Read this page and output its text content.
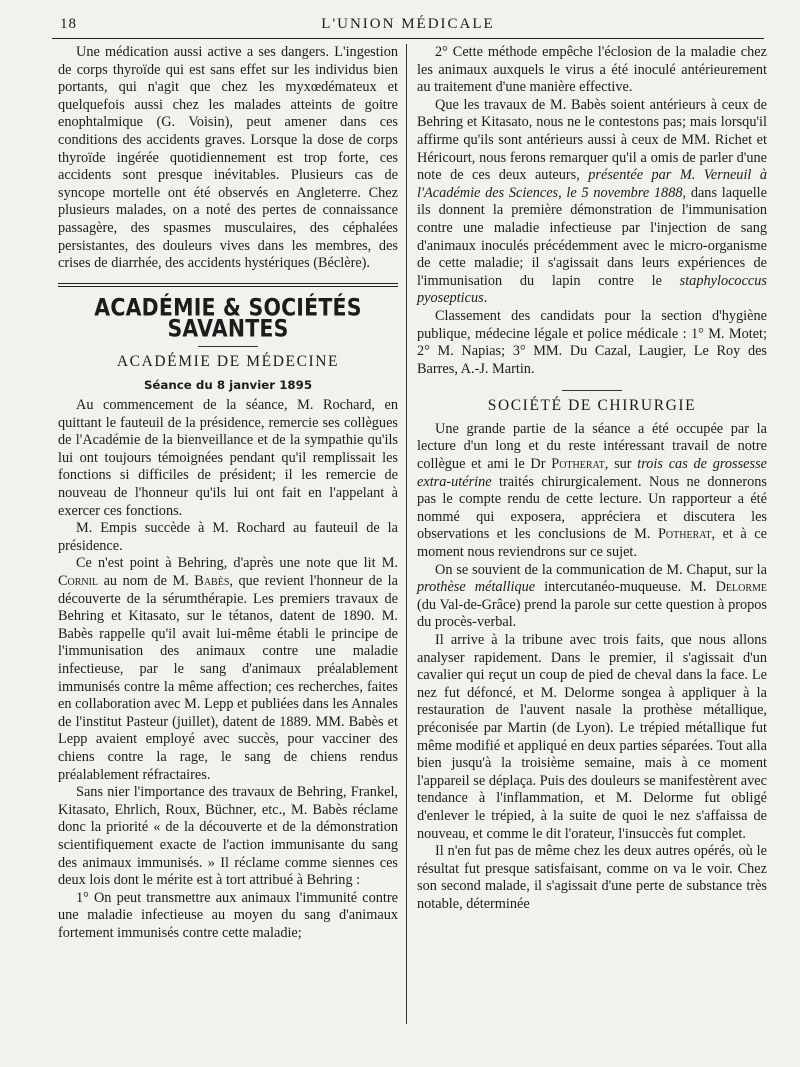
18	L'UNION MÉDICALE

Une médication aussi active a ses dangers. L'ingestion de corps thyroïde qui est sans effet sur les individus bien portants, qui n'agit que chez les myxœdémateux et quelquefois aussi chez les malades atteints de goitre enophtalmique (G. Voisin), peut amener dans ces conditions des accidents graves. Lorsque la dose de corps thyroïde ingérée quotidiennement est trop forte, ces accidents sont presque inévitables. Plusieurs cas de syncope mortelle ont été observés en Angleterre. Chez plusieurs malades, on a noté des pertes de connaissance passagère, des spasmes musculaires, des céphalées persistantes, des douleurs vives dans les membres, des crises de diarrhée, des accidents hystériques (Béclère).

ACADÉMIE & SOCIÉTÉS SAVANTES
ACADÉMIE DE MÉDECINE
Séance du 8 janvier 1895

Au commencement de la séance, M. Rochard, en quittant le fauteuil de la présidence, remercie ses collègues de l'Académie de la bienveillance et de la sympathie qu'ils lui ont toujours témoignées pendant qu'il remplissait les fonctions si difficiles de président; il les remercie de nouveau de l'honneur qu'ils lui ont fait en l'appelant à exercer ces fonctions.

M. Empis succède à M. Rochard au fauteuil de la présidence.

Ce n'est point à Behring, d'après une note que lit M. Cornil au nom de M. Babès, que revient l'honneur de la découverte de la sérumthérapie. Les premiers travaux de Behring et Kitasato, sur le tétanos, datent de 1890. M. Babès rappelle qu'il avait lui-même établi le principe de l'immunisation des animaux contre une maladie infectieuse, par le sang d'animaux préalablement immunisés contre la même affection; ces recherches, faites en collaboration avec M. Lepp et publiées dans les Annales de l'institut Pasteur (juillet), datent de 1889. MM. Babès et Lepp avaient employé avec succès, pour vacciner des chiens contre la rage, le sang de chiens rendus préalablement réfractaires.

Sans nier l'importance des travaux de Behring, Frankel, Kitasato, Ehrlich, Roux, Büchner, etc., M. Babès réclame donc la priorité « de la découverte et de la démonstration scientifiquement exacte de l'action immunisante du sang des animaux immunisés. » Il réclame comme siennes ces deux lois dont le mérite est à tort attribué à Behring :

1° On peut transmettre aux animaux l'immunité contre une maladie infectieuse au moyen du sang d'animaux fortement immunisés contre cette maladie;

2° Cette méthode empêche l'éclosion de la maladie chez les animaux auxquels le virus a été inoculé antérieurement au traitement d'une manière effective.

Que les travaux de M. Babès soient antérieurs à ceux de Behring et Kitasato, nous ne le contestons pas; mais lorsqu'il affirme qu'ils sont antérieurs aussi à ceux de MM. Richet et Héricourt, nous ferons remarquer qu'il a omis de parler d'une note de ces deux auteurs, présentée par M. Verneuil à l'Académie des Sciences, le 5 novembre 1888, dans laquelle ils donnent la première démonstration de l'immunisation contre une maladie infectieuse par l'injection de sang d'animaux inoculés précédemment avec le micro-organisme de cette maladie; il s'agissait dans leurs expériences de l'immunisation du lapin contre le staphylococcus pyosepticus.

Classement des candidats pour la section d'hygiène publique, médecine légale et police médicale : 1° M. Motet; 2° M. Napias; 3° MM. Du Cazal, Laugier, Le Roy des Barres, A.-J. Martin.

SOCIÉTÉ DE CHIRURGIE

Une grande partie de la séance a été occupée par la lecture d'un long et du reste intéressant travail de notre collègue et ami le Dr Potherat, sur trois cas de grossesse extra-utérine traités chirurgicalement. Nous ne donnerons pas le compte rendu de cette lecture. Un rapporteur a été nommé qui exposera, appréciera et discutera les observations et les conclusions de M. Potherat, et à ce moment nous reviendrons sur ce sujet.

On se souvient de la communication de M. Chaput, sur la prothèse métallique intercutanéo-muqueuse. M. Delorme (du Val-de-Grâce) prend la parole sur cette question à propos du procès-verbal.

Il arrive à la tribune avec trois faits, que nous allons analyser rapidement. Dans le premier, il s'agissait d'un cavalier qui reçut un coup de pied de cheval dans la face. Le nez fut défoncé, et M. Delorme songea à appliquer à la restauration de l'auvent nasale la prothèse métallique, préconisée par Martin (de Lyon). Le trépied métallique fut même modifié et appliqué en deux parties séparées. Tout alla bien jusqu'à la troisième semaine, mais à ce moment l'appareil se déplaça. Puis des douleurs se manifestèrent avec tendance à l'inflammation, et M. Delorme fut obligé d'enlever le trépied, à la suite de quoi le nez s'affaissa de nouveau, et comme le dit l'orateur, l'insuccès fut complet.

Il n'en fut pas de même chez les deux autres opérés, où le résultat fut presque satisfaisant, comme on va le voir. Chez son second malade, il s'agissait d'une perte de substance très notable, déterminée
